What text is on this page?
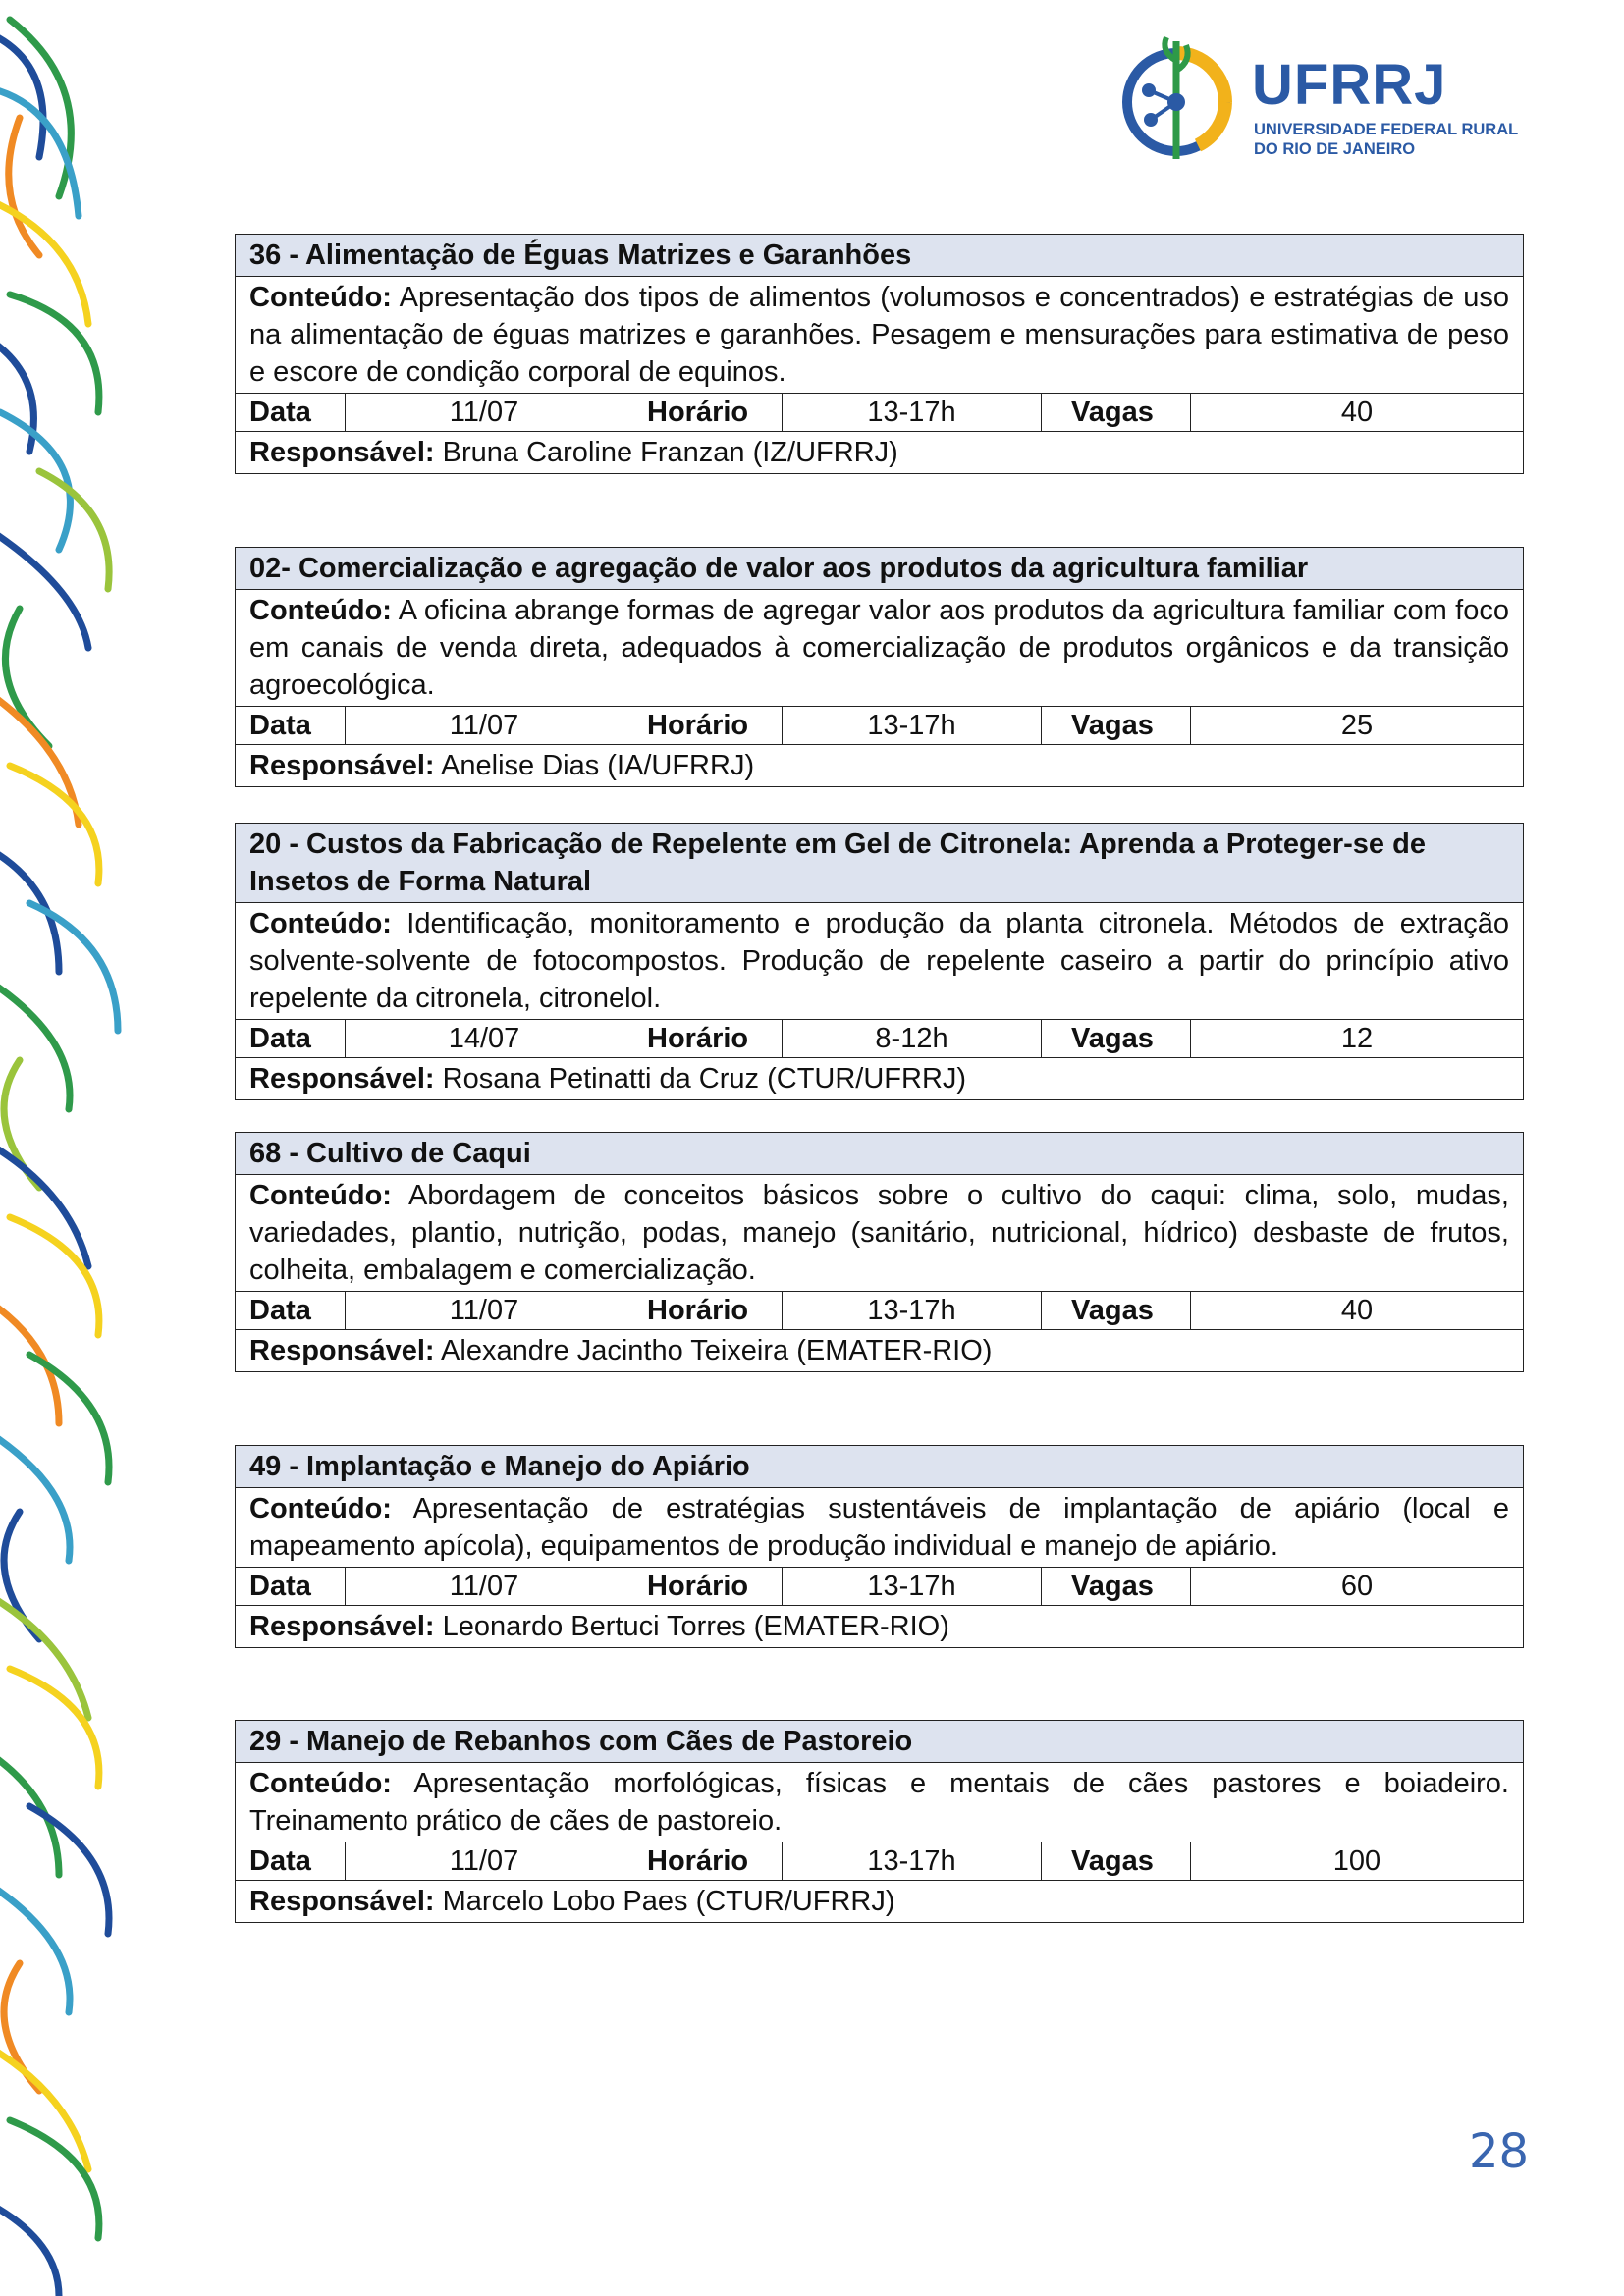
UFRRJ
UNIVERSIDADE FEDERAL RURAL
DO RIO DE JANEIRO
36 - Alimentação de Éguas Matrizes e Garanhões
Conteúdo: Apresentação dos tipos de alimentos (volumosos e concentrados) e estratégias de uso na alimentação de éguas matrizes e garanhões. Pesagem e mensurações para estimativa de peso e escore de condição corporal de equinos.
Data	11/07	Horário	13-17h	Vagas	40
Responsável: Bruna Caroline Franzan (IZ/UFRRJ)
02- Comercialização e agregação de valor aos produtos da agricultura familiar
Conteúdo: A oficina abrange formas de agregar valor aos produtos da agricultura familiar com foco em canais de venda direta, adequados à comercialização de produtos orgânicos e da transição agroecológica.
Data	11/07	Horário	13-17h	Vagas	25
Responsável: Anelise Dias (IA/UFRRJ)
20 - Custos da Fabricação de Repelente em Gel de Citronela: Aprenda a Proteger-se de Insetos de Forma Natural
Conteúdo: Identificação, monitoramento e produção da planta citronela. Métodos de extração solvente-solvente de fotocompostos. Produção de repelente caseiro a partir do princípio ativo repelente da citronela, citronelol.
Data	14/07	Horário	8-12h	Vagas	12
Responsável: Rosana Petinatti da Cruz (CTUR/UFRRJ)
68 - Cultivo de Caqui
Conteúdo: Abordagem de conceitos básicos sobre o cultivo do caqui: clima, solo, mudas, variedades, plantio, nutrição, podas, manejo (sanitário, nutricional, hídrico) desbaste de frutos, colheita, embalagem e comercialização.
Data	11/07	Horário	13-17h	Vagas	40
Responsável: Alexandre Jacintho Teixeira (EMATER-RIO)
49 - Implantação e Manejo do Apiário
Conteúdo: Apresentação de estratégias sustentáveis de implantação de apiário (local e mapeamento apícola), equipamentos de produção individual e manejo de apiário.
Data	11/07	Horário	13-17h	Vagas	60
Responsável: Leonardo Bertuci Torres (EMATER-RIO)
29 - Manejo de Rebanhos com Cães de Pastoreio
Conteúdo: Apresentação morfológicas, físicas e mentais de cães pastores e boiadeiro. Treinamento prático de cães de pastoreio.
Data	11/07	Horário	13-17h	Vagas	100
Responsável: Marcelo Lobo Paes (CTUR/UFRRJ)
28
